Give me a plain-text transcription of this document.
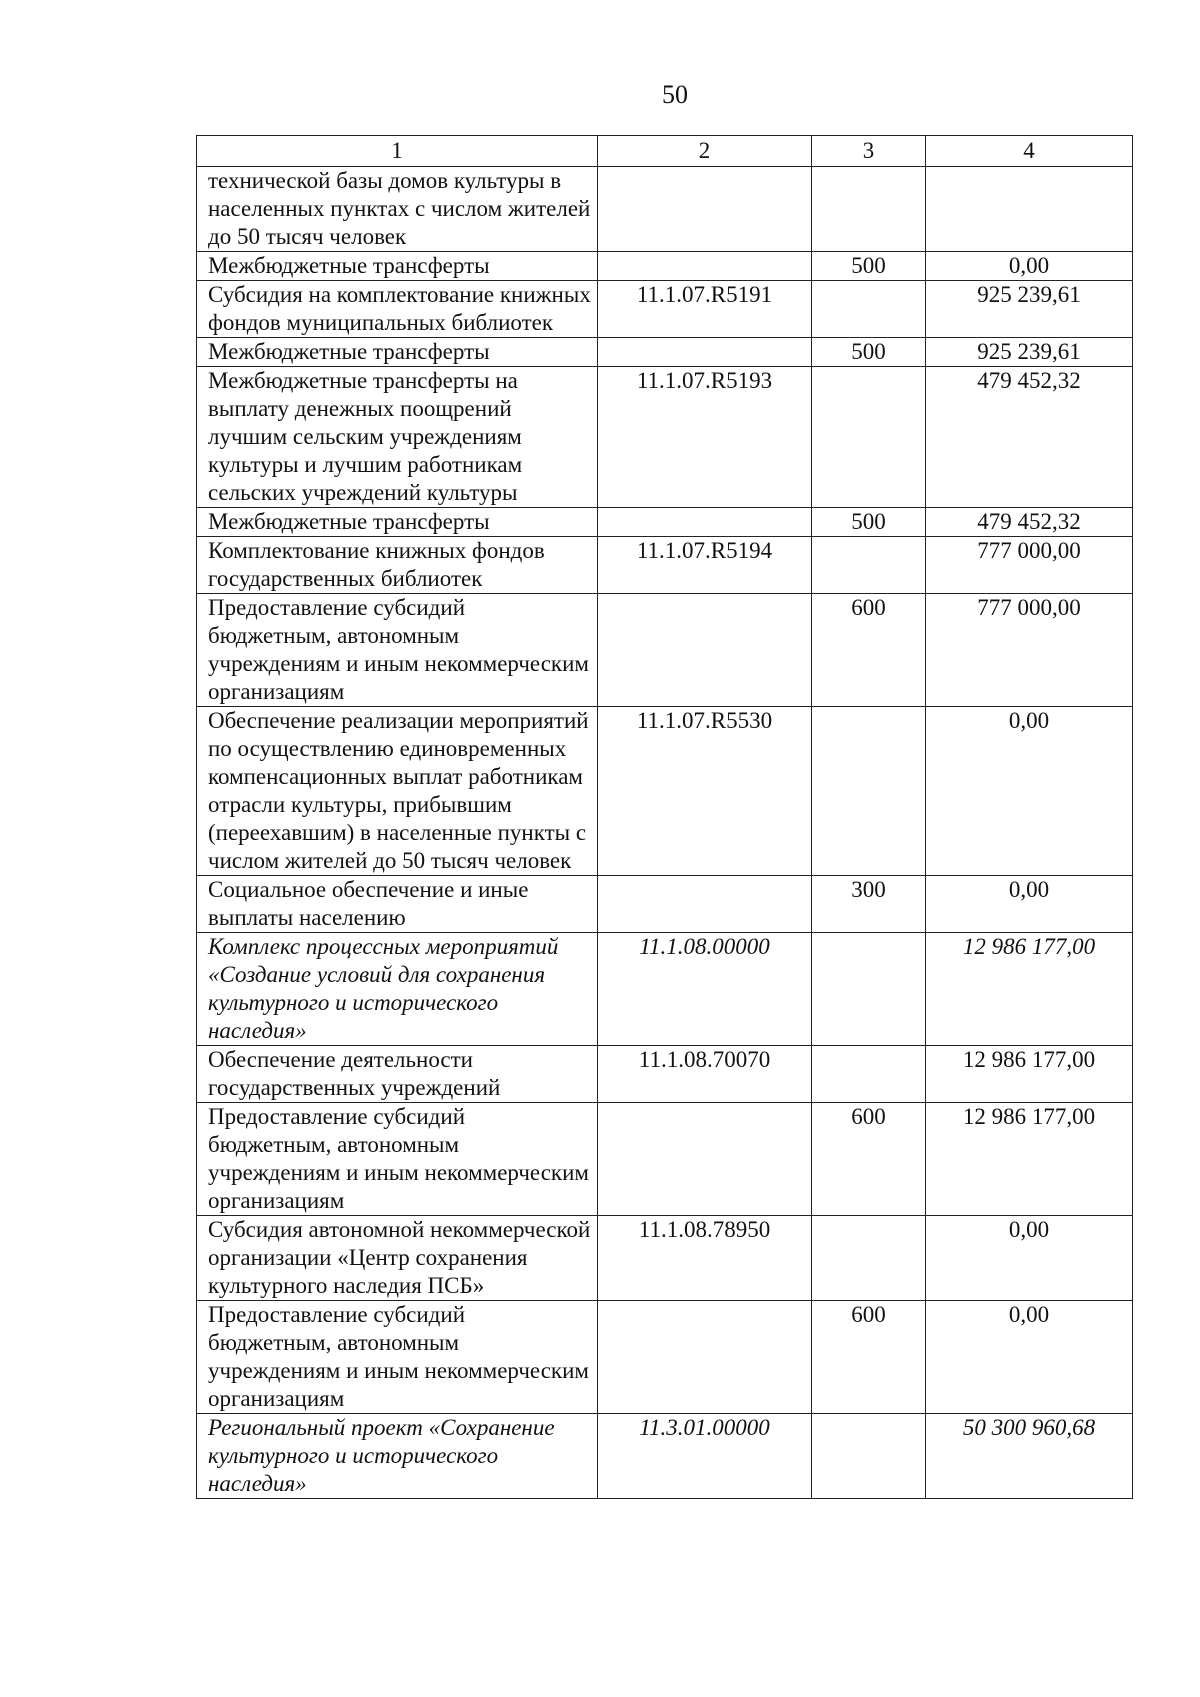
50
1	2	3	4
технической базы домов культуры в населенных пунктах с числом жителей до 50 тысяч человек			
Межбюджетные трансферты		500	0,00
Субсидия на комплектование книжных фондов муниципальных библиотек	11.1.07.R5191		925 239,61
Межбюджетные трансферты		500	925 239,61
Межбюджетные трансферты на выплату денежных поощрений лучшим сельским учреждениям культуры и лучшим работникам сельских учреждений культуры	11.1.07.R5193		479 452,32
Межбюджетные трансферты		500	479 452,32
Комплектование книжных фондов государственных библиотек	11.1.07.R5194		777 000,00
Предоставление субсидий бюджетным, автономным учреждениям и иным некоммерческим организациям		600	777 000,00
Обеспечение реализации мероприятий по осуществлению единовременных компенсационных выплат работникам отрасли культуры, прибывшим (переехавшим) в населенные пункты с числом жителей до 50 тысяч человек	11.1.07.R5530		0,00
Социальное обеспечение и иные выплаты населению		300	0,00
Комплекс процессных мероприятий «Создание условий для сохранения культурного и исторического наследия»	11.1.08.00000		12 986 177,00
Обеспечение деятельности государственных учреждений	11.1.08.70070		12 986 177,00
Предоставление субсидий бюджетным, автономным учреждениям и иным некоммерческим организациям		600	12 986 177,00
Субсидия автономной некоммерческой организации «Центр сохранения культурного наследия ПСБ»	11.1.08.78950		0,00
Предоставление субсидий бюджетным, автономным учреждениям и иным некоммерческим организациям		600	0,00
Региональный проект «Сохранение культурного и исторического наследия»	11.3.01.00000		50 300 960,68
